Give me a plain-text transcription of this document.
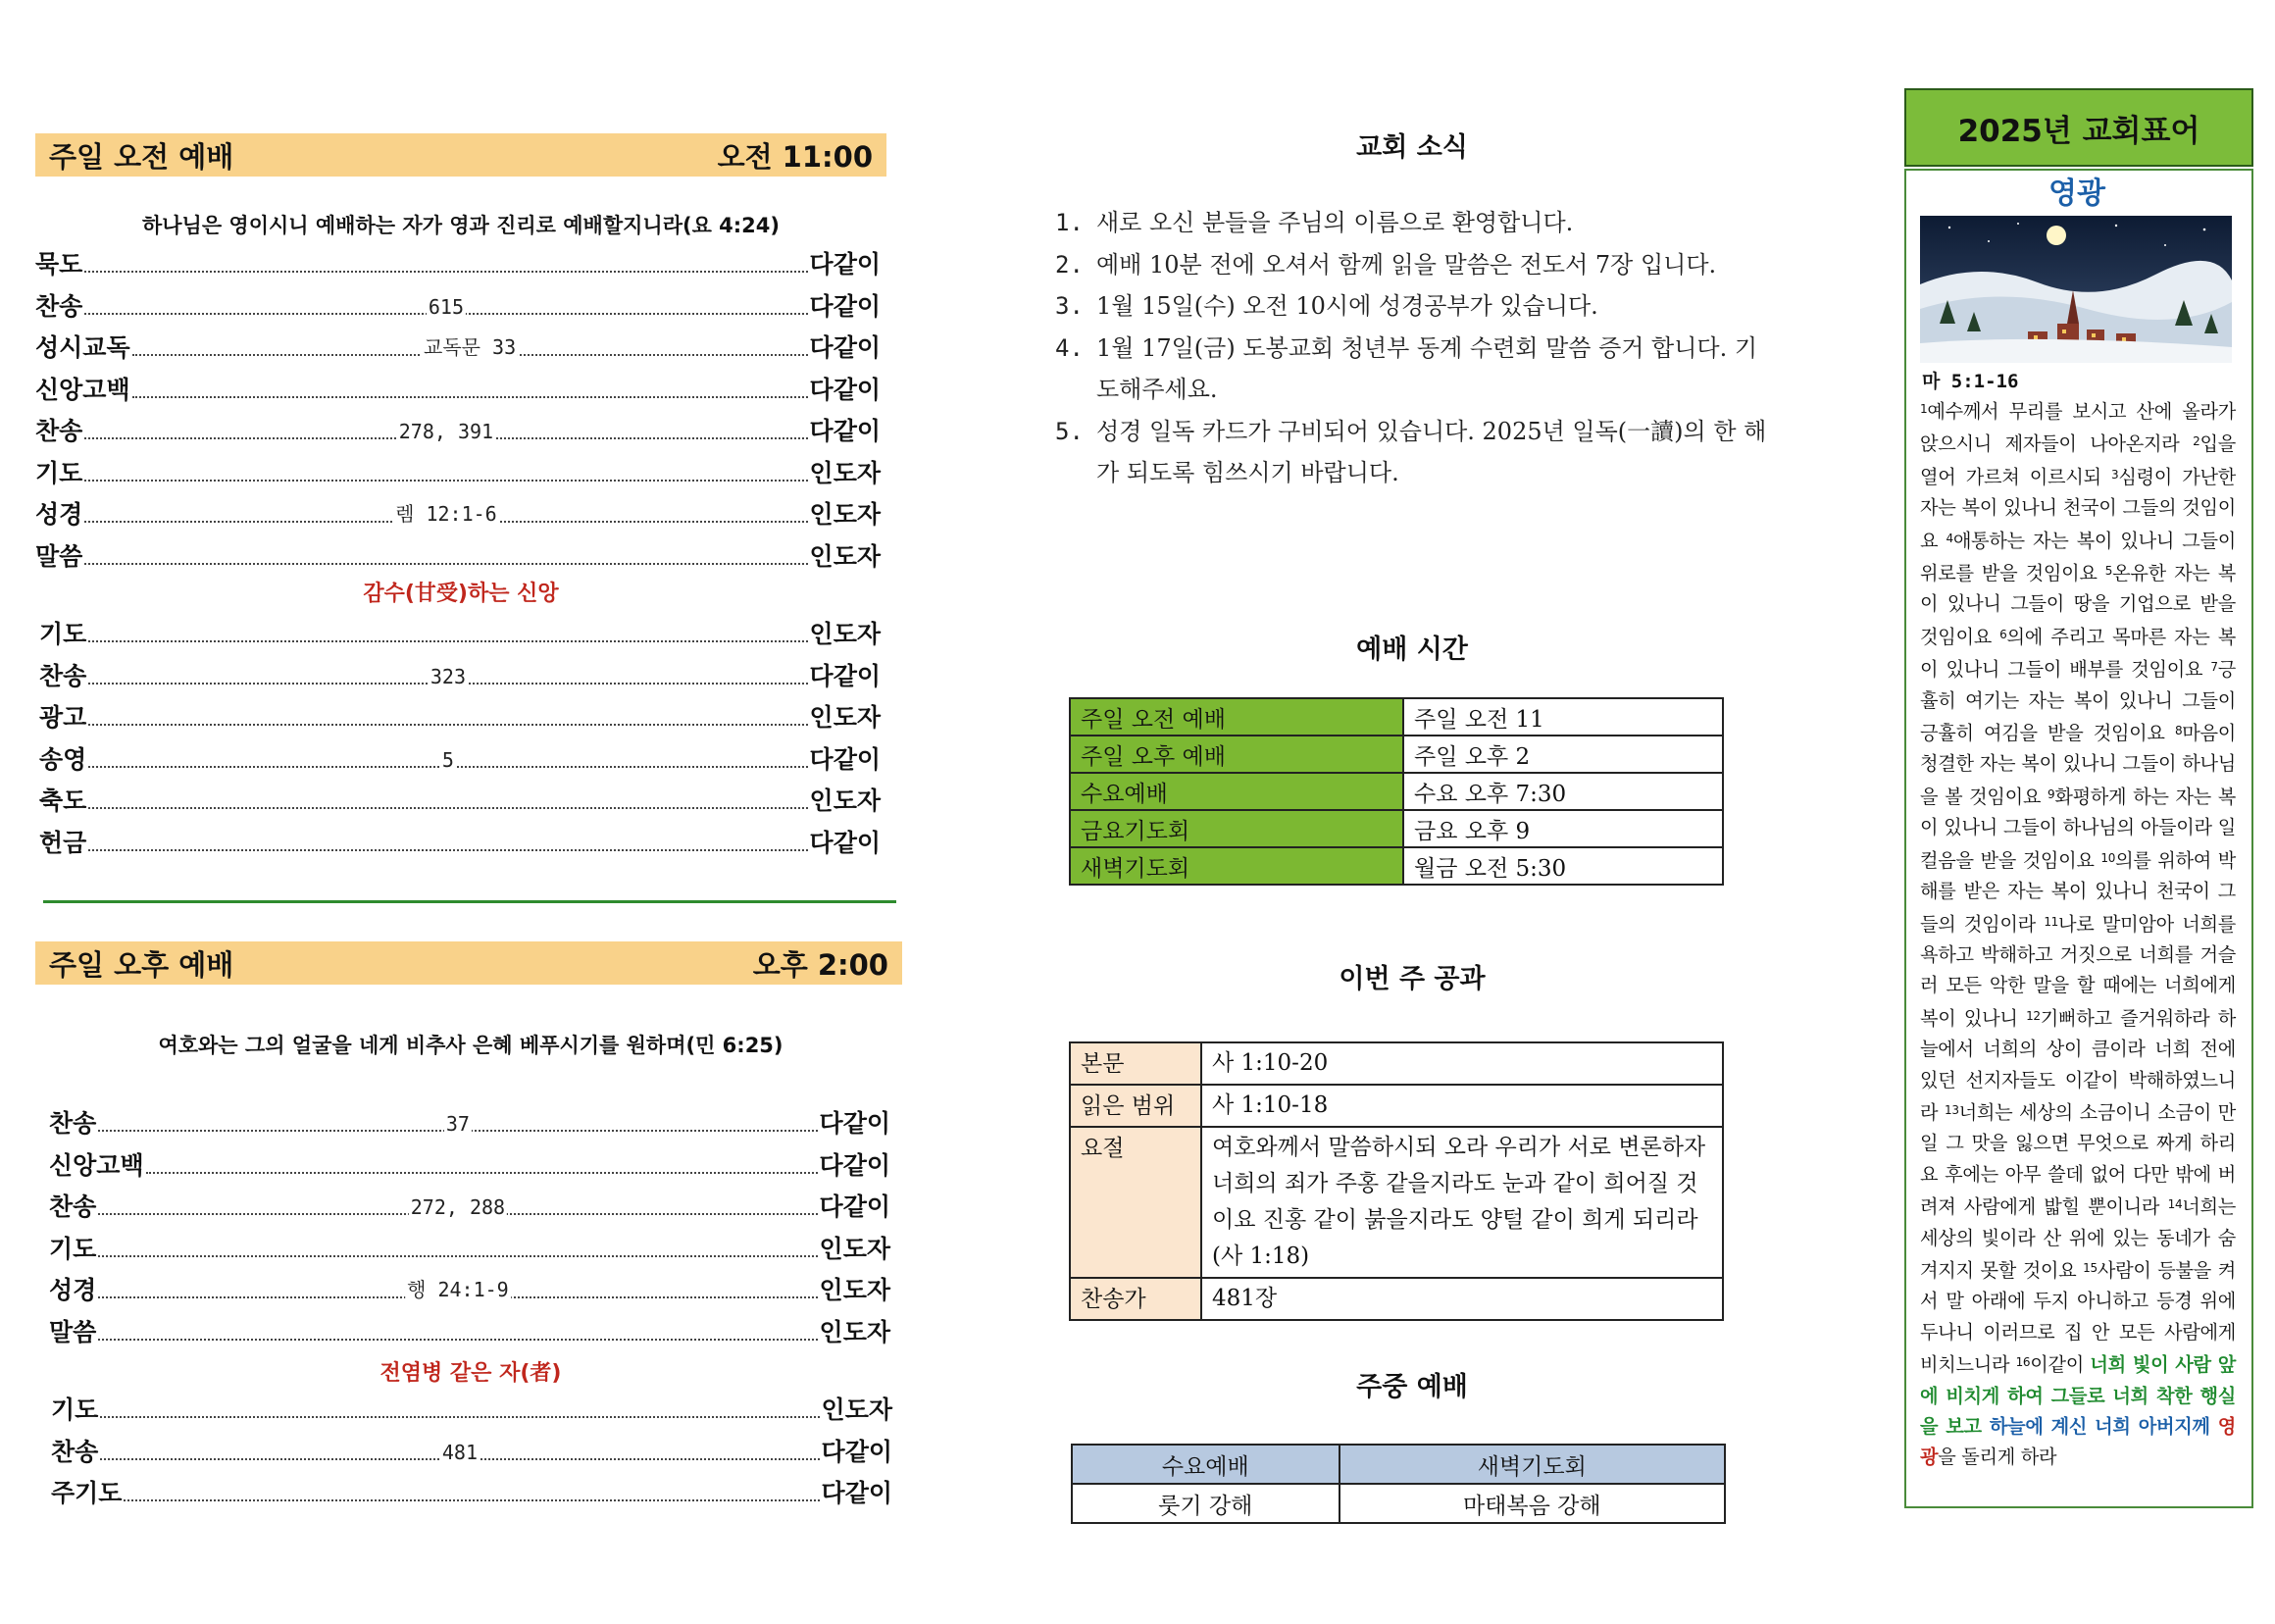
주일 오전 예배	오전 11:00
하나님은 영이시니 예배하는 자가 영과 진리로 예배할지니라(요 4:24)
묵도	다같이
찬송	615	다같이
성시교독	교독문 33	다같이
신앙고백	다같이
찬송	278, 391	다같이
기도	인도자
성경	렘 12:1-6	인도자
말씀	인도자
감수(甘受)하는 신앙
기도	인도자
찬송	323	다같이
광고	인도자
송영	5	다같이
축도	인도자
헌금	다같이
주일 오후 예배	오후 2:00
여호와는 그의 얼굴을 네게 비추사 은혜 베푸시기를 원하며(민 6:25)
찬송	37	다같이
신앙고백	다같이
찬송	272, 288	다같이
기도	인도자
성경	행 24:1-9	인도자
말씀	인도자
전염병 같은 자(者)
기도	인도자
찬송	481	다같이
주기도	다같이
교회 소식
1. 새로 오신 분들을 주님의 이름으로 환영합니다.
2. 예배 10분 전에 오셔서 함께 읽을 말씀은 전도서 7장 입니다.
3. 1월 15일(수) 오전 10시에 성경공부가 있습니다.
4. 1월 17일(금) 도봉교회 청년부 동계 수련회 말씀 증거 합니다. 기도해주세요.
5. 성경 일독 카드가 구비되어 있습니다. 2025년 일독(一讀)의 한 해가 되도록 힘쓰시기 바랍니다.
예배 시간
주일 오전 예배	주일 오전 11
주일 오후 예배	주일 오후 2
수요예배	수요 오후 7:30
금요기도회	금요 오후 9
새벽기도회	월금 오전 5:30
이번 주 공과
본문	사 1:10-20
읽은 범위	사 1:10-18
요절	여호와께서 말씀하시되 오라 우리가 서로 변론하자 너희의 죄가 주홍 같을지라도 눈과 같이 희어질 것이요 진홍 같이 붉을지라도 양털 같이 희게 되리라 (사 1:18)
찬송가	481장
주중 예배
수요예배	새벽기도회
룻기 강해	마태복음 강해
2025년 교회표어
영광
마 5:1-16
$^1$예수께서 무리를 보시고 산에 올라가 앉으시니 제자들이 나아온지라 $^2$입을 열어 가르쳐 이르시되 $^3$심령이 가난한 자는 복이 있나니 천국이 그들의 것임이요 $^4$애통하는 자는 복이 있나니 그들이 위로를 받을 것임이요 $^5$온유한 자는 복이 있나니 그들이 땅을 기업으로 받을 것임이요 $^6$의에 주리고 목마른 자는 복이 있나니 그들이 배부를 것임이요 $^7$긍휼히 여기는 자는 복이 있나니 그들이 긍휼히 여김을 받을 것임이요 $^8$마음이 청결한 자는 복이 있나니 그들이 하나님을 볼 것임이요 $^9$화평하게 하는 자는 복이 있나니 그들이 하나님의 아들이라 일컬음을 받을 것임이요 $^{10}$의를 위하여 박해를 받은 자는 복이 있나니 천국이 그들의 것임이라 $^{11}$나로 말미암아 너희를 욕하고 박해하고 거짓으로 너희를 거슬러 모든 악한 말을 할 때에는 너희에게 복이 있나니 $^{12}$기뻐하고 즐거워하라 하늘에서 너희의 상이 큼이라 너희 전에 있던 선지자들도 이같이 박해하였느니라 $^{13}$너희는 세상의 소금이니 소금이 만일 그 맛을 잃으면 무엇으로 짜게 하리요 후에는 아무 쓸데 없어 다만 밖에 버려져 사람에게 밟힐 뿐이니라 $^{14}$너희는 세상의 빛이라 산 위에 있는 동네가 숨겨지지 못할 것이요 $^{15}$사람이 등불을 켜서 말 아래에 두지 아니하고 등경 위에 두나니 이러므로 집 안 모든 사람에게 비치느니라 $^{16}$이같이 너희 빛이 사람 앞에 비치게 하여 그들로 너희 착한 행실을 보고 하늘에 계신 너희 아버지께 영광을 돌리게 하라
